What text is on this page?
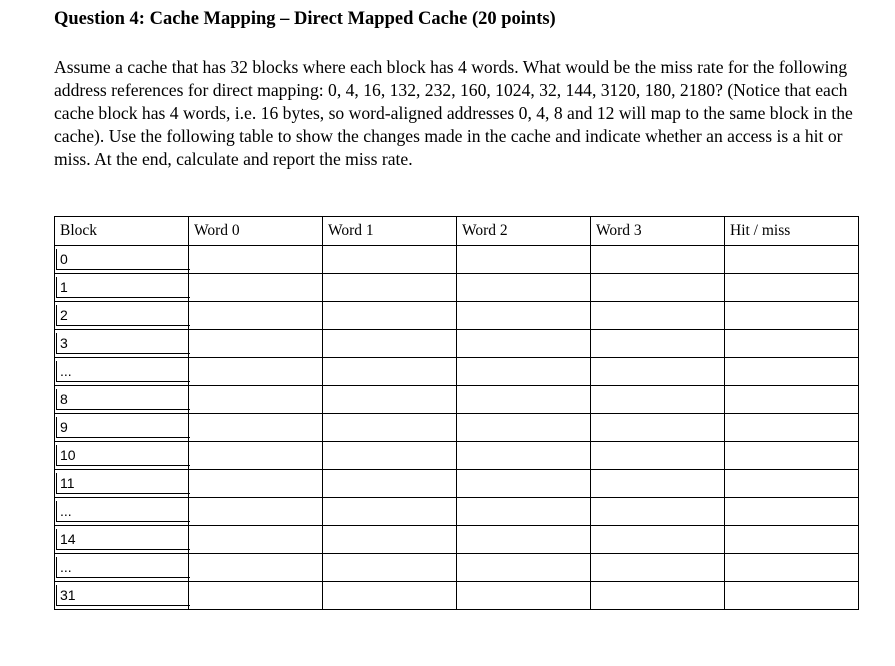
Question 4: Cache Mapping – Direct Mapped Cache (20 points)
Assume a cache that has 32 blocks where each block has 4 words. What would be the miss rate for the following address references for direct mapping: 0, 4, 16, 132, 232, 160, 1024, 32, 144, 3120, 180, 2180? (Notice that each cache block has 4 words, i.e. 16 bytes, so word-aligned addresses 0, 4, 8 and 12 will map to the same block in the cache). Use the following table to show the changes made in the cache and indicate whether an access is a hit or miss. At the end, calculate and report the miss rate.
Block	Word 0	Word 1	Word 2	Word 3	Hit / miss

0					

1					

2					

3					

...					

8					

9					

10					

11					

...					

14					

...					

31					
